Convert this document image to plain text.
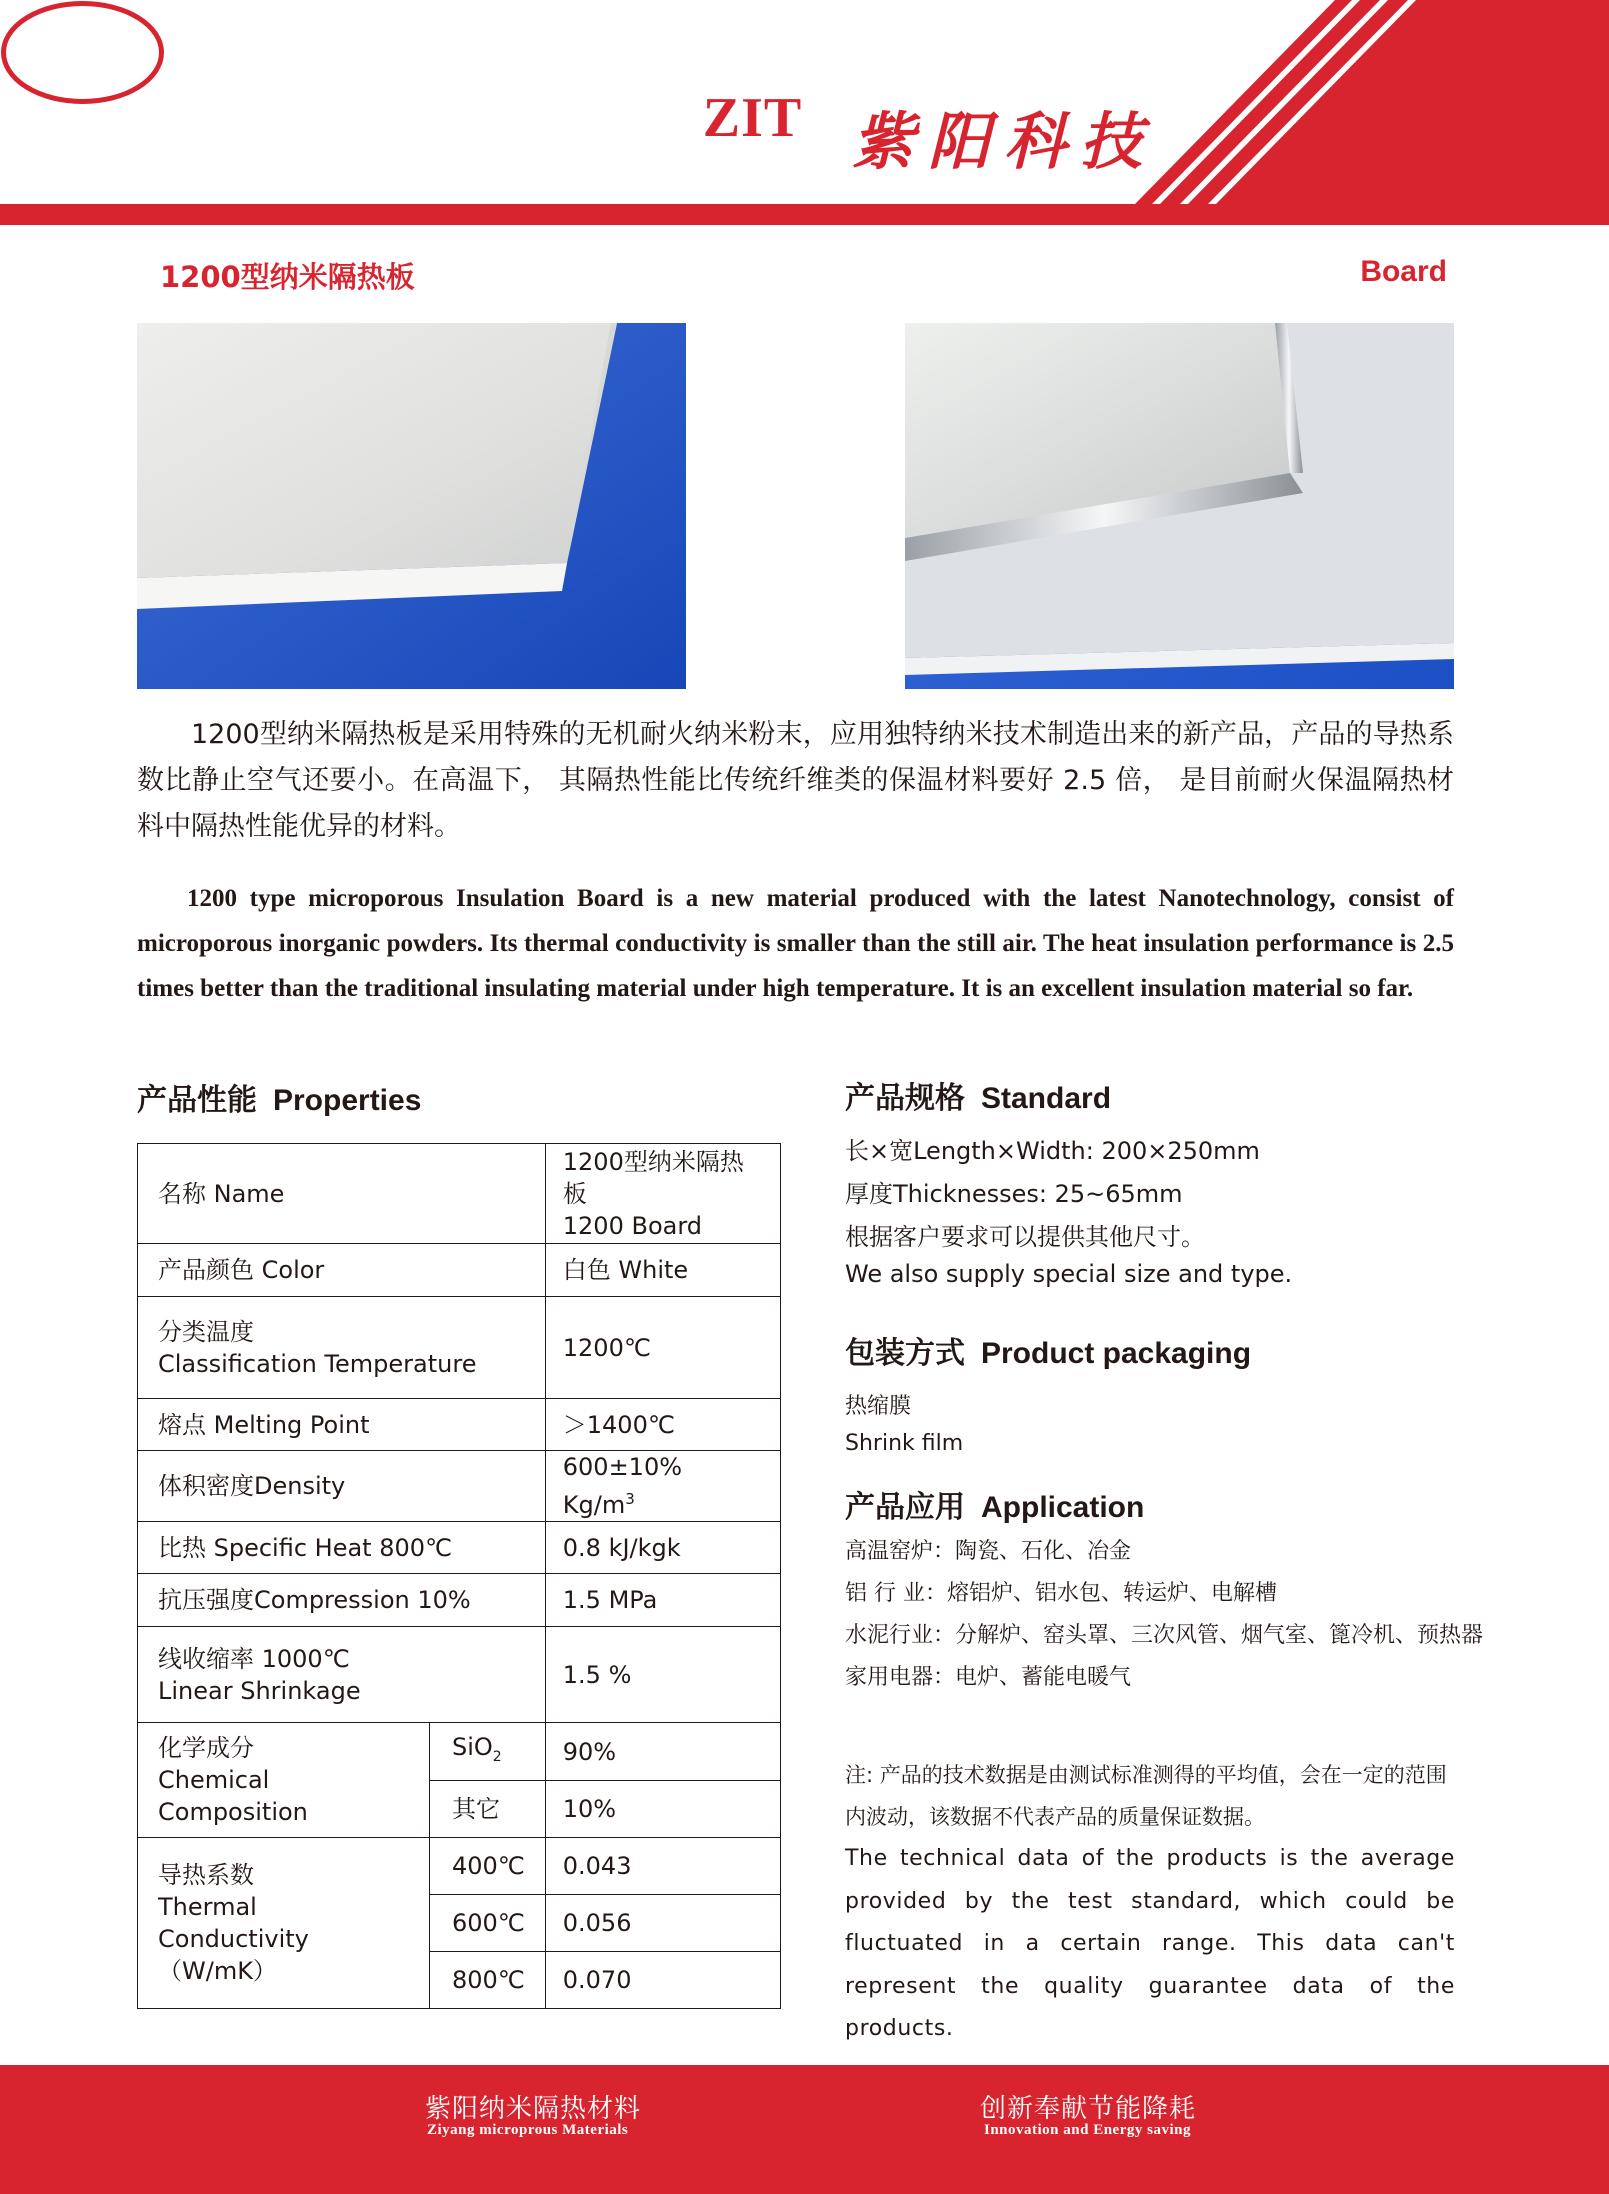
ZIT 紫阳科技
1200型纳米隔热板	Board

1200型纳米隔热板是采用特殊的无机耐火纳米粉末，应用独特纳米技术制造出来的新产品，产品的导热系数比静止空气还要小。在高温下， 其隔热性能比传统纤维类的保温材料要好 2.5 倍， 是目前耐火保温隔热材料中隔热性能优异的材料。

1200 type microporous Insulation Board is a new material produced with the latest Nanotechnology, consist of microporous inorganic powders. Its thermal conductivity is smaller than the still air. The heat insulation performance is 2.5 times better than the traditional insulating material under high temperature. It is an excellent insulation material so far.

产品性能 Properties
名称 Name		1200型纳米隔热板
1200 Board

产品颜色 Color		白色 White

分类温度
Classification Temperature		1200℃
熔点 Melting Point		＞1400℃
体积密度Density		600±10% $Kg/m^3$
比热 Specific Heat 800℃		0.8 kJ/kgk
抗压强度Compression 10%		1.5 MPa

线收缩率 1000℃
Linear Shrinkage		1.5 %

化学成分
Chemical Composition	SiO$_2$	90%
	其它	10%

导热系数
Thermal Conductivity
（W/mK）	400℃	0.043
	600℃	0.056
	800℃	0.070
产品规格 Standard
长×宽Length×Width: 200×250mm
厚度Thicknesses: 25~65mm
根据客户要求可以提供其他尺寸。
We also supply special size and type.
包装方式 Product packaging
热缩膜
Shrink film
产品应用 Application
高温窑炉：陶瓷、石化、冶金
铝 行 业：熔铝炉、铝水包、转运炉、电解槽
水泥行业：分解炉、窑头罩、三次风管、烟气室、篦冷机、预热器
家用电器：电炉、蓄能电暖气

注: 产品的技术数据是由测试标准测得的平均值，会在一定的范围内波动，该数据不代表产品的质量保证数据。

The technical data of the products is the average provided by the test standard, which could be fluctuated in a certain range. This data can't represent the quality guarantee data of the products.

紫阳纳米隔热材料
Ziyang microprous Materials
创新奉献节能降耗
Innovation and Energy saving
